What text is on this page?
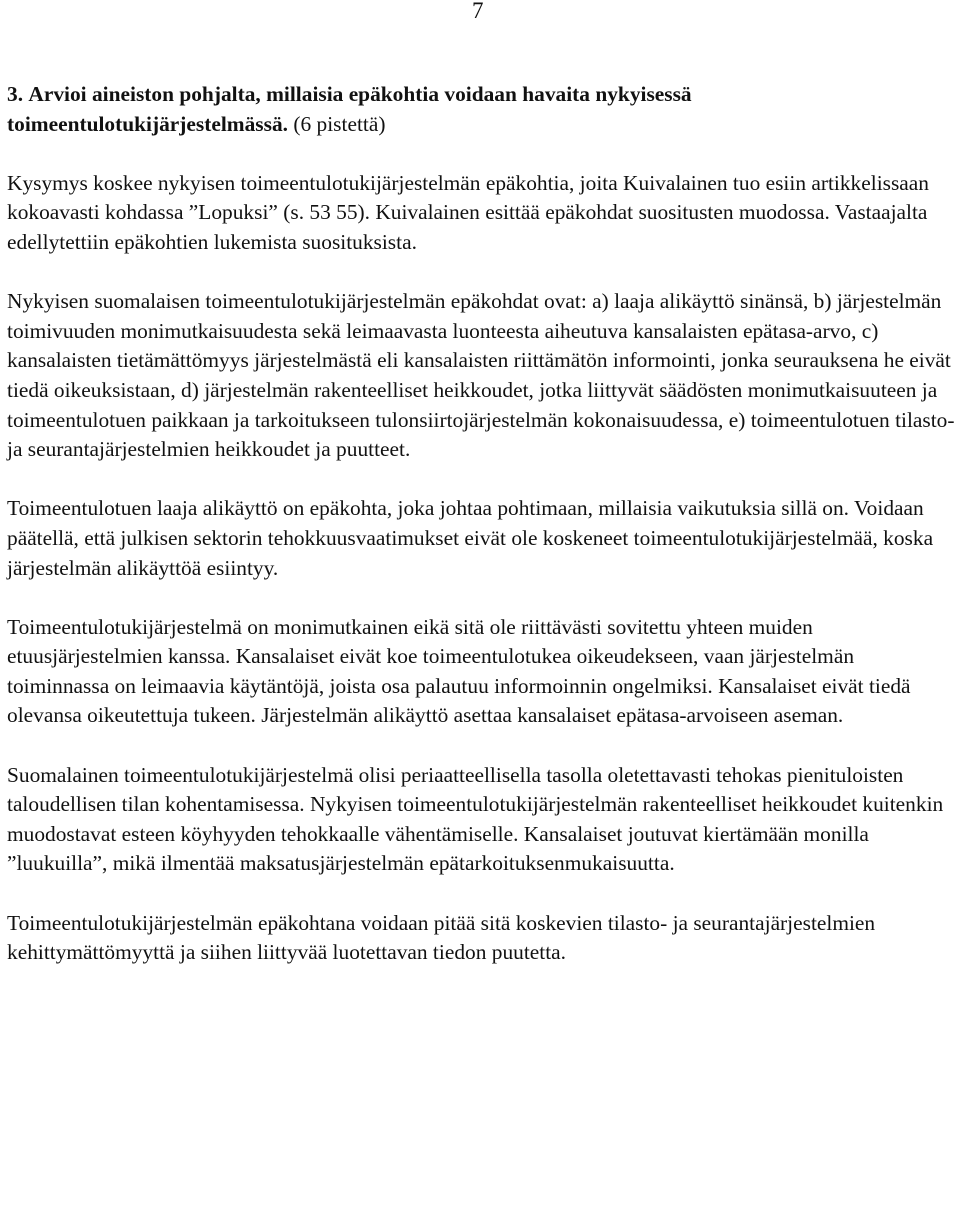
7
3. Arvioi aineiston pohjalta, millaisia epäkohtia voidaan havaita nykyisessä toimeentulotukijärjestelmässä. (6 pistettä)

Kysymys koskee nykyisen toimeentulotukijärjestelmän epäkohtia, joita Kuivalainen tuo esiin artikkelissaan kokoavasti kohdassa ”Lopuksi” (s. 53 55). Kuivalainen esittää epäkohdat suositusten muodossa. Vastaajalta edellytettiin epäkohtien lukemista suosituksista.

Nykyisen suomalaisen toimeentulotukijärjestelmän epäkohdat ovat: a) laaja alikäyttö sinänsä, b) järjestelmän toimivuuden monimutkaisuudesta sekä leimaavasta luonteesta aiheutuva kansalaisten epätasa-arvo, c) kansalaisten tietämättömyys järjestelmästä eli kansalaisten riittämätön informointi, jonka seurauksena he eivät tiedä oikeuksistaan, d) järjestelmän rakenteelliset heikkoudet, jotka liittyvät säädösten monimutkaisuuteen ja toimeentulotuen paikkaan ja tarkoitukseen tulonsiirtojärjestelmän kokonaisuudessa, e) toimeentulotuen tilasto- ja seurantajärjestelmien heikkoudet ja puutteet.

Toimeentulotuen laaja alikäyttö on epäkohta, joka johtaa pohtimaan, millaisia vaikutuksia sillä on. Voidaan päätellä, että julkisen sektorin tehokkuusvaatimukset eivät ole koskeneet toimeentulotukijärjestelmää, koska järjestelmän alikäyttöä esiintyy.

Toimeentulotukijärjestelmä on monimutkainen eikä sitä ole riittävästi sovitettu yhteen muiden etuusjärjestelmien kanssa. Kansalaiset eivät koe toimeentulotukea oikeudekseen, vaan järjestelmän toiminnassa on leimaavia käytäntöjä, joista osa palautuu informoinnin ongelmiksi. Kansalaiset eivät tiedä olevansa oikeutettuja tukeen. Järjestelmän alikäyttö asettaa kansalaiset epätasa-arvoiseen aseman.

Suomalainen toimeentulotukijärjestelmä olisi periaatteellisella tasolla oletettavasti tehokas pienituloisten taloudellisen tilan kohentamisessa. Nykyisen toimeentulotukijärjestelmän rakenteelliset heikkoudet kuitenkin muodostavat esteen köyhyyden tehokkaalle vähentämiselle. Kansalaiset joutuvat kiertämään monilla ”luukuilla”, mikä ilmentää maksatusjärjestelmän epätarkoituksenmukaisuutta.

Toimeentulotukijärjestelmän epäkohtana voidaan pitää sitä koskevien tilasto- ja seurantajärjestelmien kehittymättömyyttä ja siihen liittyvää luotettavan tiedon puutetta.
